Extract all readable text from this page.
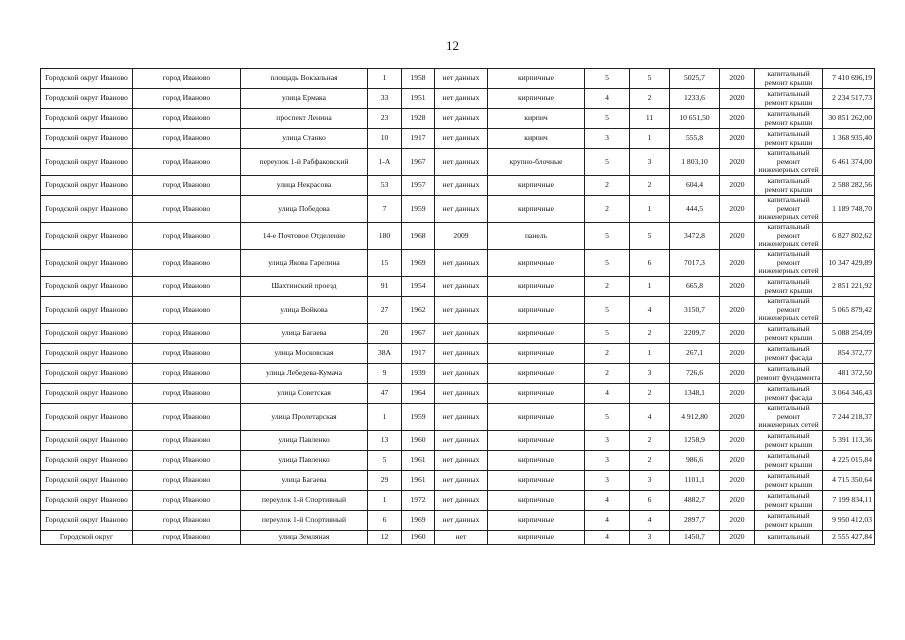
12
Городской округ Иваново	город Иваново	площадь Вокзальная	1	1958	нет данных	кирпичные	5	5	5025,7	2020	капитальный ремонт крыши	7 410 696,19
Городской округ Иваново	город Иваново	улица Ермака	33	1951	нет данных	кирпичные	4	2	1233,6	2020	капитальный ремонт крыши	2 234 517,73
Городской округ Иваново	город Иваново	проспект Ленина	23	1928	нет данных	кирпич	5	11	10 651,50	2020	капитальный ремонт крыши	30 851 262,00
Городской округ Иваново	город Иваново	улица Станко	10	1917	нет данных	кирпич	3	1	555,8	2020	капитальный ремонт крыши	1 368 935,40
Городской округ Иваново	город Иваново	переулок 1-й Рабфаковский	1-А	1967	нет данных	крупно-блочные	5	3	1 803,10	2020	капитальный ремонт инженерных сетей	6 461 374,00
Городской округ Иваново	город Иваново	улица Некрасова	53	1957	нет данных	кирпичные	2	2	604,4	2020	капитальный ремонт крыши	2 588 282,56
Городской округ Иваново	город Иваново	улица Победова	7	1959	нет данных	кирпичные	2	1	444,5	2020	капитальный ремонт инженерных сетей	1 189 748,70
Городской округ Иваново	город Иваново	14-е Почтовое Отделение	180	1968	2009	панель	5	5	3472,8	2020	капитальный ремонт инженерных сетей	6 827 802,62
Городской округ Иваново	город Иваново	улица Якова Гарелина	15	1969	нет данных	кирпичные	5	6	7017,3	2020	капитальный ремонт инженерных сетей	10 347 429,89
Городской округ Иваново	город Иваново	Шахтинский проезд	91	1954	нет данных	кирпичные	2	1	665,8	2020	капитальный ремонт крыши	2 851 221,92
Городской округ Иваново	город Иваново	улица Войкова	27	1962	нет данных	кирпичные	5	4	3150,7	2020	капитальный ремонт инженерных сетей	5 065 879,42
Городской округ Иваново	город Иваново	улица Багаева	20	1967	нет данных	кирпичные	5	2	2209,7	2020	капитальный ремонт крыши	5 088 254,09
Городской округ Иваново	город Иваново	улица Московская	38А	1917	нет данных	кирпичные	2	1	267,1	2020	капитальный ремонт фасада	854 372,77
Городской округ Иваново	город Иваново	улица Лебедева-Кумача	9	1939	нет данных	кирпичные	2	3	726,6	2020	капитальный ремонт фундамента	481 372,50
Городской округ Иваново	город Иваново	улица Советская	47	1964	нет данных	кирпичные	4	2	1348,1	2020	капитальный ремонт фасада	3 064 346,43
Городской округ Иваново	город Иваново	улица Пролетарская	1	1959	нет данных	кирпичные	5	4	4 912,80	2020	капитальный ремонт инженерных сетей	7 244 218,37
Городской округ Иваново	город Иваново	улица Павленко	13	1960	нет данных	кирпичные	3	2	1258,9	2020	капитальный ремонт крыши	5 391 113,36
Городской округ Иваново	город Иваново	улица Павленко	5	1961	нет данных	кирпичные	3	2	986,6	2020	капитальный ремонт крыши	4 225 015,84
Городской округ Иваново	город Иваново	улица Багаева	29	1961	нет данных	кирпичные	3	3	1101,1	2020	капитальный ремонт крыши	4 715 350,64
Городской округ Иваново	город Иваново	переулок 1-й Спортивный	1	1972	нет данных	кирпичные	4	6	4882,7	2020	капитальный ремонт крыши	7 199 834,11
Городской округ Иваново	город Иваново	переулок 1-й Спортивный	6	1969	нет данных	кирпичные	4	4	2897,7	2020	капитальный ремонт крыши	9 950 412,03
Городской округ	город Иваново	улица Земляная	12	1960	нет	кирпичные	4	3	1450,7	2020	капитальный	2 555 427,84
